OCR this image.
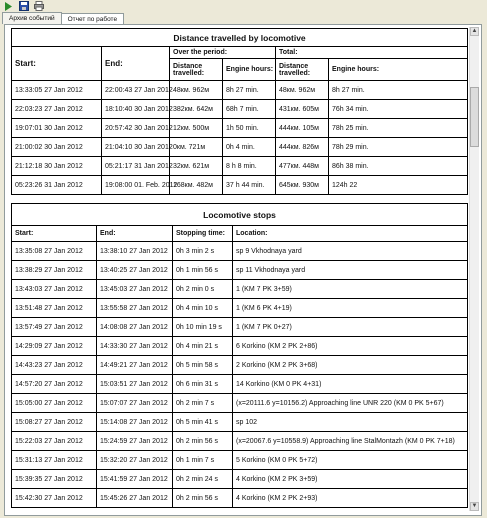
Архив событий	Отчет по работе
Distance travelled by locomotive					
Start:	End:	Over the period:		Total:	
		Distance travelled:	Engine hours:	Distance travelled:	Engine hours:
13:33:05 27 Jan 2012	22:00:43 27 Jan 2012	48км. 962м	8h 27 min.	48км. 962м	8h 27 min.
22:03:23 27 Jan 2012	18:10:40 30 Jan 2012	382км. 642м	68h 7 min.	431км. 605м	76h 34 min.
19:07:01 30 Jan 2012	20:57:42 30 Jan 2012	12км. 500м	1h 50 min.	444км. 105м	78h 25 min.
21:00:02 30 Jan 2012	21:04:10 30 Jan 2012	0км. 721м	0h 4 min.	444км. 826м	78h 29 min.
21:12:18 30 Jan 2012	05:21:17 31 Jan 2012	32км. 621м	8 h 8 min.	477км. 448м	86h 38 min.
05:23:26 31 Jan 2012	19:08:00 01. Feb. 2012	168км. 482м	37 h 44 min.	645км. 930м	124h 22
Locomotive stops			
Start:	End:	Stopping time:	Location:
13:35:08 27 Jan 2012	13:38:10 27 Jan 2012	0h 3 min 2 s	sp 9 Vkhodnaya yard
13:38:29 27 Jan 2012	13:40:25 27 Jan 2012	0h 1 min 56 s	sp 11 Vkhodnaya yard
13:43:03 27 Jan 2012	13:45:03 27 Jan 2012	0h 2 min 0 s	1 (KM 7 PK 3+59)
13:51:48 27 Jan 2012	13:55:58 27 Jan 2012	0h 4 min 10 s	1 (KM 6 PK 4+19)
13:57:49 27 Jan 2012	14:08:08 27 Jan 2012	0h 10 min 19 s	1 (KM 7 PK 0+27)
14:29:09 27 Jan 2012	14:33:30 27 Jan 2012	0h 4 min 21 s	6 Korkino (KM 2 PK 2+86)
14:43:23 27 Jan 2012	14:49:21 27 Jan 2012	0h 5 min 58 s	2 Korkino (KM 2 PK 3+68)
14:57:20 27 Jan 2012	15:03:51 27 Jan 2012	0h 6 min 31 s	14 Korkino (KM 0 PK 4+31)
15:05:00 27 Jan 2012	15:07:07 27 Jan 2012	0h 2 min 7 s	(x=20111.6 y=10156.2) Approaching line UNR 220 (KM 0 PK 5+67)
15:08:27 27 Jan 2012	15:14:08 27 Jan 2012	0h 5 min 41 s	sp 102
15:22:03 27 Jan 2012	15:24:59 27 Jan 2012	0h 2 min 56 s	(x=20067.6 y=10558.9) Approaching line StalMontazh (KM 0 PK 7+18)
15:31:13 27 Jan 2012	15:32:20 27 Jan 2012	0h 1 min 7 s	5 Korkino (KM 0 PK 5+72)
15:39:35 27 Jan 2012	15:41:59 27 Jan 2012	0h 2 min 24 s	4 Korkino (KM 2 PK 3+59)
15:42:30 27 Jan 2012	15:45:26 27 Jan 2012	0h 2 min 56 s	4 Korkino (KM 2 PK 2+93)
▲
▼
